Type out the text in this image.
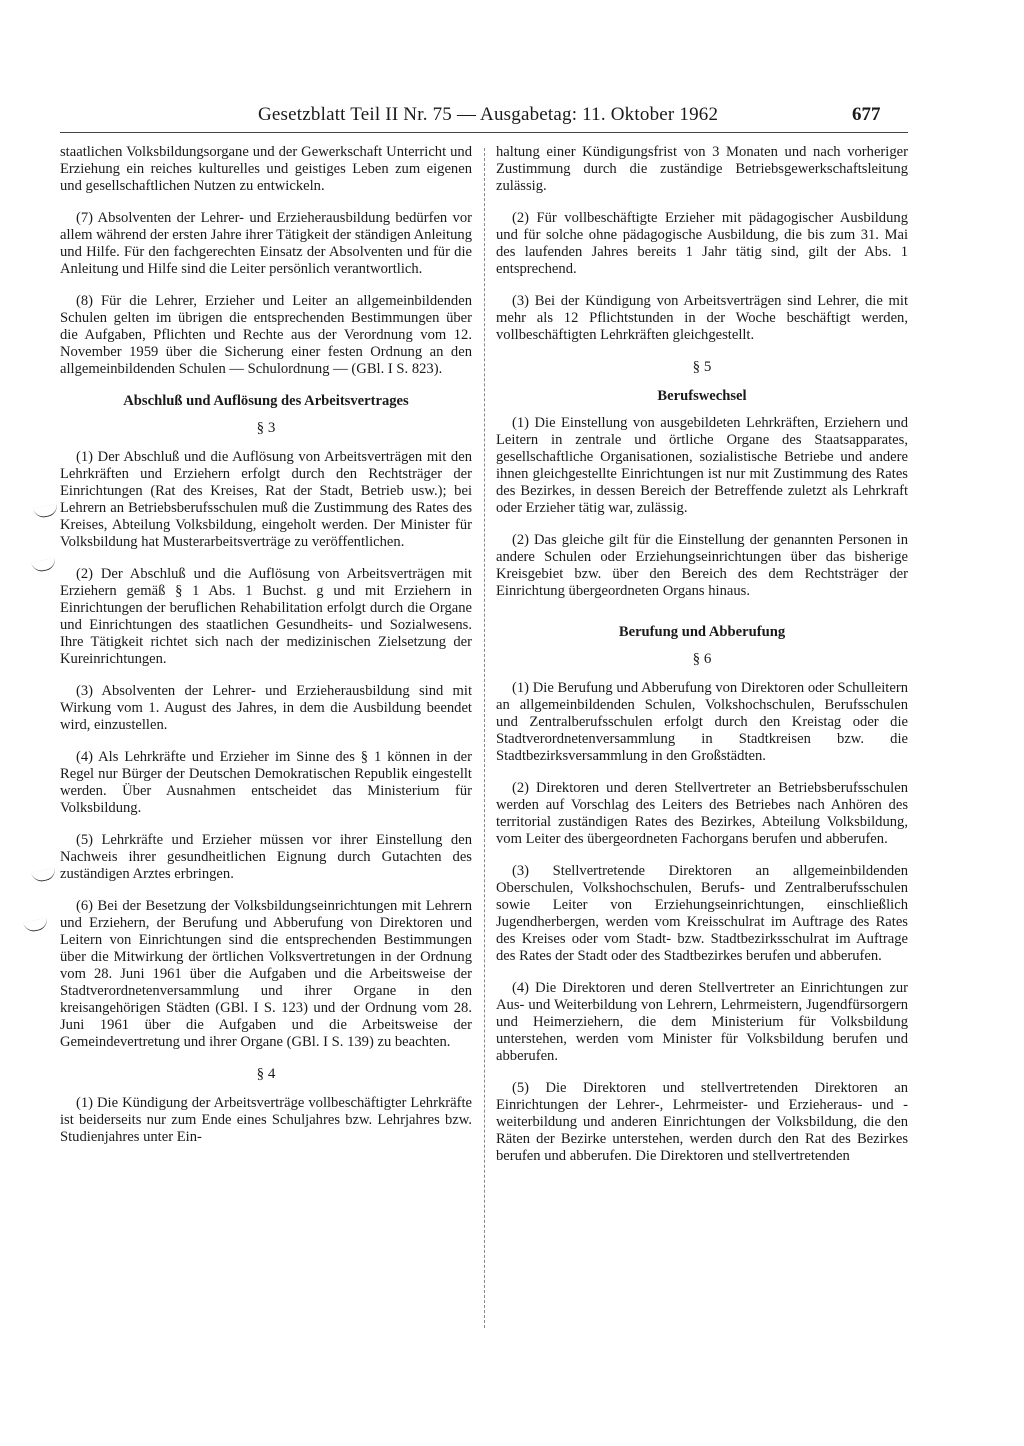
Gesetzblatt Teil II Nr. 75 — Ausgabetag: 11. Oktober 1962	677

staatlichen Volksbildungsorgane und der Gewerkschaft Unterricht und Erziehung ein reiches kulturelles und geistiges Leben zum eigenen und gesellschaftlichen Nutzen zu entwickeln.

(7) Absolventen der Lehrer- und Erzieherausbildung bedürfen vor allem während der ersten Jahre ihrer Tätigkeit der ständigen Anleitung und Hilfe. Für den fachgerechten Einsatz der Absolventen und für die Anleitung und Hilfe sind die Leiter persönlich verantwortlich.

(8) Für die Lehrer, Erzieher und Leiter an allgemeinbildenden Schulen gelten im übrigen die entsprechenden Bestimmungen über die Aufgaben, Pflichten und Rechte aus der Verordnung vom 12. November 1959 über die Sicherung einer festen Ordnung an den allgemeinbildenden Schulen — Schulordnung — (GBl. I S. 823).

Abschluß und Auflösung des Arbeitsvertrages
§ 3

(1) Der Abschluß und die Auflösung von Arbeitsverträgen mit den Lehrkräften und Erziehern erfolgt durch den Rechtsträger der Einrichtungen (Rat des Kreises, Rat der Stadt, Betrieb usw.); bei Lehrern an Betriebsberufsschulen muß die Zustimmung des Rates des Kreises, Abteilung Volksbildung, eingeholt werden. Der Minister für Volksbildung hat Musterarbeitsverträge zu veröffentlichen.

(2) Der Abschluß und die Auflösung von Arbeitsverträgen mit Erziehern gemäß § 1 Abs. 1 Buchst. g und mit Erziehern in Einrichtungen der beruflichen Rehabilitation erfolgt durch die Organe und Einrichtungen des staatlichen Gesundheits- und Sozialwesens. Ihre Tätigkeit richtet sich nach der medizinischen Zielsetzung der Kureinrichtungen.

(3) Absolventen der Lehrer- und Erzieherausbildung sind mit Wirkung vom 1. August des Jahres, in dem die Ausbildung beendet wird, einzustellen.

(4) Als Lehrkräfte und Erzieher im Sinne des § 1 können in der Regel nur Bürger der Deutschen Demokratischen Republik eingestellt werden. Über Ausnahmen entscheidet das Ministerium für Volksbildung.

(5) Lehrkräfte und Erzieher müssen vor ihrer Einstellung den Nachweis ihrer gesundheitlichen Eignung durch Gutachten des zuständigen Arztes erbringen.

(6) Bei der Besetzung der Volksbildungseinrichtungen mit Lehrern und Erziehern, der Berufung und Abberufung von Direktoren und Leitern von Einrichtungen sind die entsprechenden Bestimmungen über die Mitwirkung der örtlichen Volksvertretungen in der Ordnung vom 28. Juni 1961 über die Aufgaben und die Arbeitsweise der Stadtverordnetenversammlung und ihrer Organe in den kreisangehörigen Städten (GBl. I S. 123) und der Ordnung vom 28. Juni 1961 über die Aufgaben und die Arbeitsweise der Gemeindevertretung und ihrer Organe (GBl. I S. 139) zu beachten.

§ 4

(1) Die Kündigung der Arbeitsverträge vollbeschäftigter Lehrkräfte ist beiderseits nur zum Ende eines Schuljahres bzw. Lehrjahres bzw. Studienjahres unter Ein-

haltung einer Kündigungsfrist von 3 Monaten und nach vorheriger Zustimmung durch die zuständige Betriebsgewerkschaftsleitung zulässig.

(2) Für vollbeschäftigte Erzieher mit pädagogischer Ausbildung und für solche ohne pädagogische Ausbildung, die bis zum 31. Mai des laufenden Jahres bereits 1 Jahr tätig sind, gilt der Abs. 1 entsprechend.

(3) Bei der Kündigung von Arbeitsverträgen sind Lehrer, die mit mehr als 12 Pflichtstunden in der Woche beschäftigt werden, vollbeschäftigten Lehrkräften gleichgestellt.

§ 5
Berufswechsel

(1) Die Einstellung von ausgebildeten Lehrkräften, Erziehern und Leitern in zentrale und örtliche Organe des Staatsapparates, gesellschaftliche Organisationen, sozialistische Betriebe und andere ihnen gleichgestellte Einrichtungen ist nur mit Zustimmung des Rates des Bezirkes, in dessen Bereich der Betreffende zuletzt als Lehrkraft oder Erzieher tätig war, zulässig.

(2) Das gleiche gilt für die Einstellung der genannten Personen in andere Schulen oder Erziehungseinrichtungen über das bisherige Kreisgebiet bzw. über den Bereich des dem Rechtsträger der Einrichtung übergeordneten Organs hinaus.

Berufung und Abberufung
§ 6

(1) Die Berufung und Abberufung von Direktoren oder Schulleitern an allgemeinbildenden Schulen, Volkshochschulen, Berufsschulen und Zentralberufsschulen erfolgt durch den Kreistag oder die Stadtverordnetenversammlung in Stadtkreisen bzw. die Stadtbezirksversammlung in den Großstädten.

(2) Direktoren und deren Stellvertreter an Betriebsberufsschulen werden auf Vorschlag des Leiters des Betriebes nach Anhören des territorial zuständigen Rates des Bezirkes, Abteilung Volksbildung, vom Leiter des übergeordneten Fachorgans berufen und abberufen.

(3) Stellvertretende Direktoren an allgemeinbildenden Oberschulen, Volkshochschulen, Berufs- und Zentralberufsschulen sowie Leiter von Erziehungseinrichtungen, einschließlich Jugendherbergen, werden vom Kreisschulrat im Auftrage des Rates des Kreises oder vom Stadt- bzw. Stadtbezirksschulrat im Auftrage des Rates der Stadt oder des Stadtbezirkes berufen und abberufen.

(4) Die Direktoren und deren Stellvertreter an Einrichtungen zur Aus- und Weiterbildung von Lehrern, Lehrmeistern, Jugendfürsorgern und Heimerziehern, die dem Ministerium für Volksbildung unterstehen, werden vom Minister für Volksbildung berufen und abberufen.

(5) Die Direktoren und stellvertretenden Direktoren an Einrichtungen der Lehrer-, Lehrmeister- und Erzieheraus- und -weiterbildung und anderen Einrichtungen der Volksbildung, die den Räten der Bezirke unterstehen, werden durch den Rat des Bezirkes berufen und abberufen. Die Direktoren und stellvertretenden
